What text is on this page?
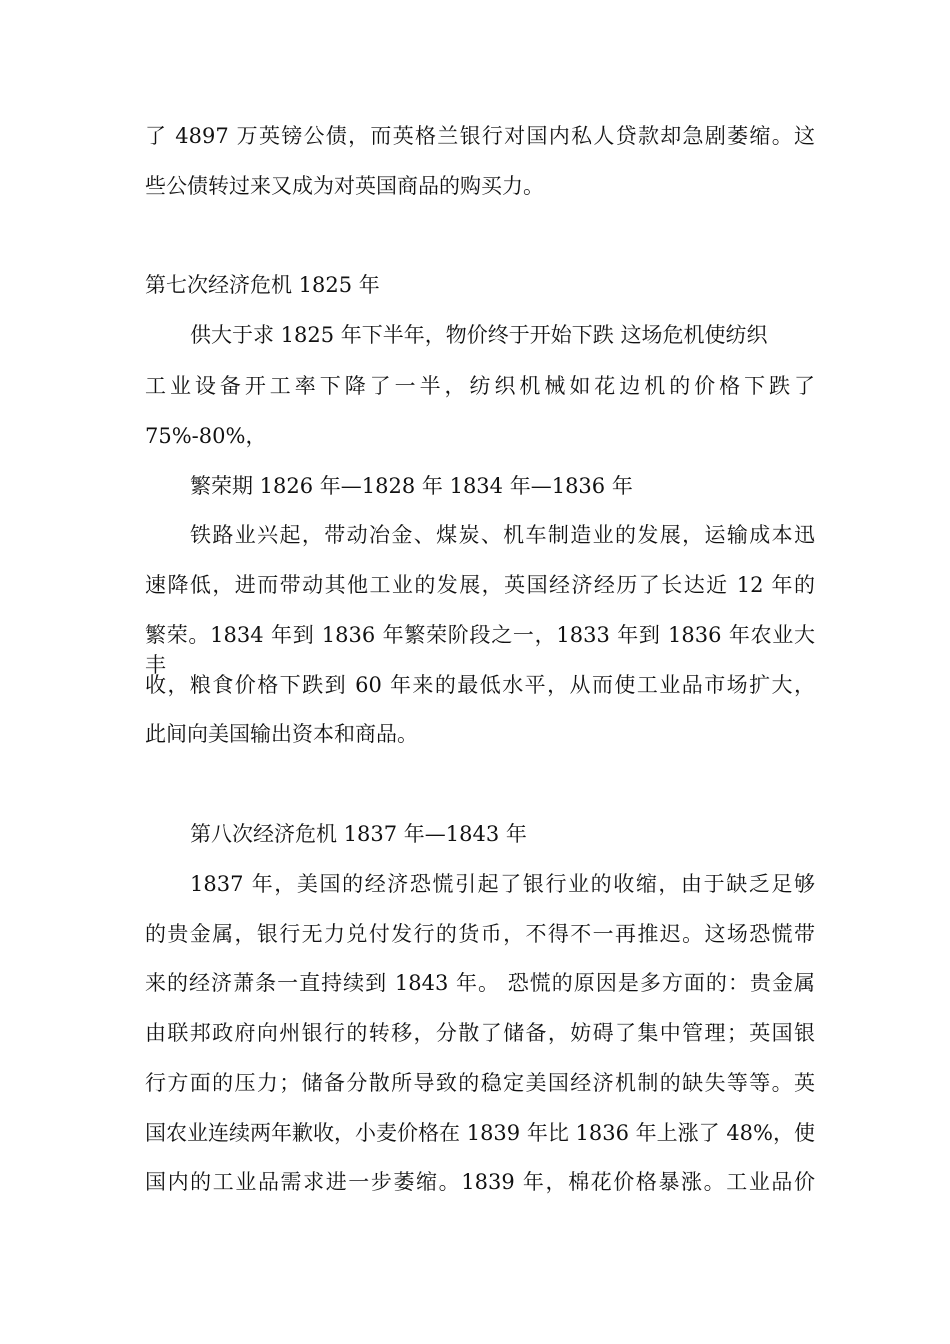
了 4897 万英镑公债，而英格兰银行对国内私人贷款却急剧萎缩。这
些公债转过来又成为对英国商品的购买力。
第七次经济危机 1825 年
供大于求 1825 年下半年，物价终于开始下跌 这场危机使纺织
工业设备开工率下降了一半，纺织机械如花边机的价格下跌了
75%-80%，
繁荣期 1826 年—1828 年 1834 年—1836 年
铁路业兴起，带动冶金、煤炭、机车制造业的发展，运输成本迅
速降低，进而带动其他工业的发展，英国经济经历了长达近 12 年的
繁荣。1834 年到 1836 年繁荣阶段之一，1833 年到 1836 年农业大丰
收，粮食价格下跌到 60 年来的最低水平，从而使工业品市场扩大，
此间向美国输出资本和商品。
第八次经济危机 1837 年—1843 年
1837 年，美国的经济恐慌引起了银行业的收缩，由于缺乏足够
的贵金属，银行无力兑付发行的货币，不得不一再推迟。这场恐慌带
来的经济萧条一直持续到 1843 年。 恐慌的原因是多方面的：贵金属
由联邦政府向州银行的转移，分散了储备，妨碍了集中管理；英国银
行方面的压力；储备分散所导致的稳定美国经济机制的缺失等等。英
国农业连续两年歉收，小麦价格在 1839 年比 1836 年上涨了 48%，使
国内的工业品需求进一步萎缩。1839 年，棉花价格暴涨。工业品价
